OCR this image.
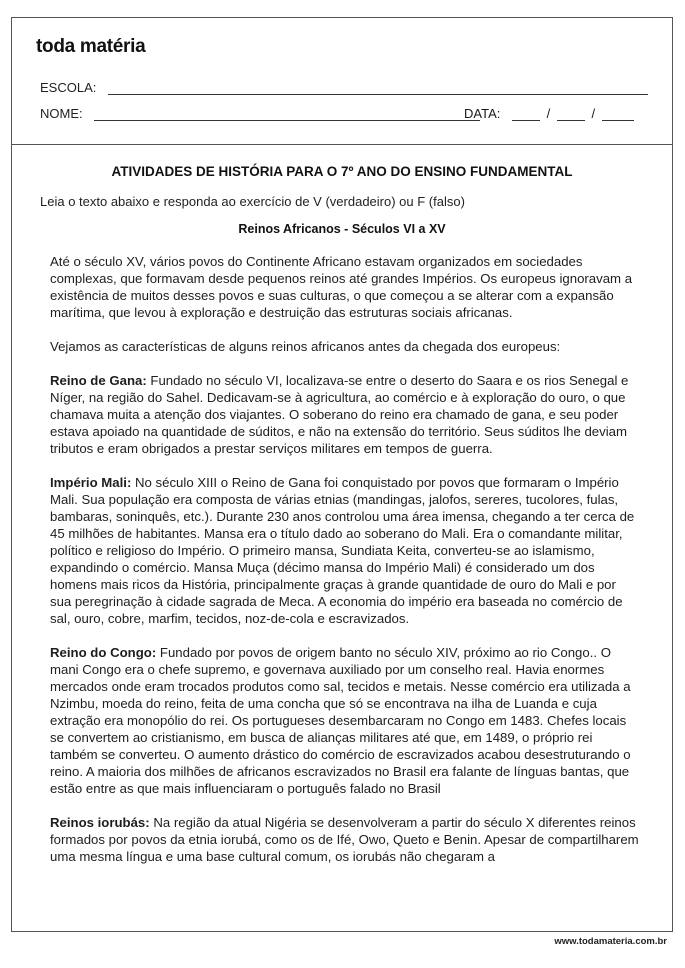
toda matéria
ESCOLA:
NOME:	DATA:	/	/
ATIVIDADES DE HISTÓRIA PARA O 7º ANO DO ENSINO FUNDAMENTAL
Leia o texto abaixo e responda ao exercício de V (verdadeiro) ou F (falso)
Reinos Africanos - Séculos VI a XV

Até o século XV, vários povos do Continente Africano estavam organizados em sociedades complexas, que formavam desde pequenos reinos até grandes Impérios. Os europeus ignoravam a existência de muitos desses povos e suas culturas, o que começou a se alterar com a expansão marítima, que levou à exploração e destruição das estruturas sociais africanas.

Vejamos as características de alguns reinos africanos antes da chegada dos europeus:

Reino de Gana: Fundado no século VI, localizava-se entre o deserto do Saara e os rios Senegal e Níger, na região do Sahel. Dedicavam-se à agricultura, ao comércio e à exploração do ouro, o que chamava muita a atenção dos viajantes. O soberano do reino era chamado de gana, e seu poder estava apoiado na quantidade de súditos, e não na extensão do território. Seus súditos lhe deviam tributos e eram obrigados a prestar serviços militares em tempos de guerra.

Império Mali: No século XIII o Reino de Gana foi conquistado por povos que formaram o Império Mali. Sua população era composta de várias etnias (mandingas, jalofos, sereres, tucolores, fulas, bambaras, soninquês, etc.). Durante 230 anos controlou uma área imensa, chegando a ter cerca de 45 milhões de habitantes. Mansa era o título dado ao soberano do Mali. Era o comandante militar, político e religioso do Império. O primeiro mansa, Sundiata Keita, converteu-se ao islamismo, expandindo o comércio. Mansa Muça (décimo mansa do Império Mali) é considerado um dos homens mais ricos da História, principalmente graças à grande quantidade de ouro do Mali e por sua peregrinação à cidade sagrada de Meca. A economia do império era baseada no comércio de sal, ouro, cobre, marfim, tecidos, noz-de-cola e escravizados.

Reino do Congo: Fundado por povos de origem banto no século XIV, próximo ao rio Congo.. O mani Congo era o chefe supremo, e governava auxiliado por um conselho real. Havia enormes mercados onde eram trocados produtos como sal, tecidos e metais. Nesse comércio era utilizada a Nzimbu, moeda do reino, feita de uma concha que só se encontrava na ilha de Luanda e cuja extração era monopólio do rei. Os portugueses desembarcaram no Congo em 1483. Chefes locais se convertem ao cristianismo, em busca de alianças militares até que, em 1489, o próprio rei também se converteu. O aumento drástico do comércio de escravizados acabou desestruturando o reino. A maioria dos milhões de africanos escravizados no Brasil era falante de línguas bantas, que estão entre as que mais influenciaram o português falado no Brasil

Reinos iorubás: Na região da atual Nigéria se desenvolveram a partir do século X diferentes reinos formados por povos da etnia iorubá, como os de Ifé, Owo, Queto e Benin. Apesar de compartilharem uma mesma língua e uma base cultural comum, os iorubás não chegaram a

www.todamateria.com.br
